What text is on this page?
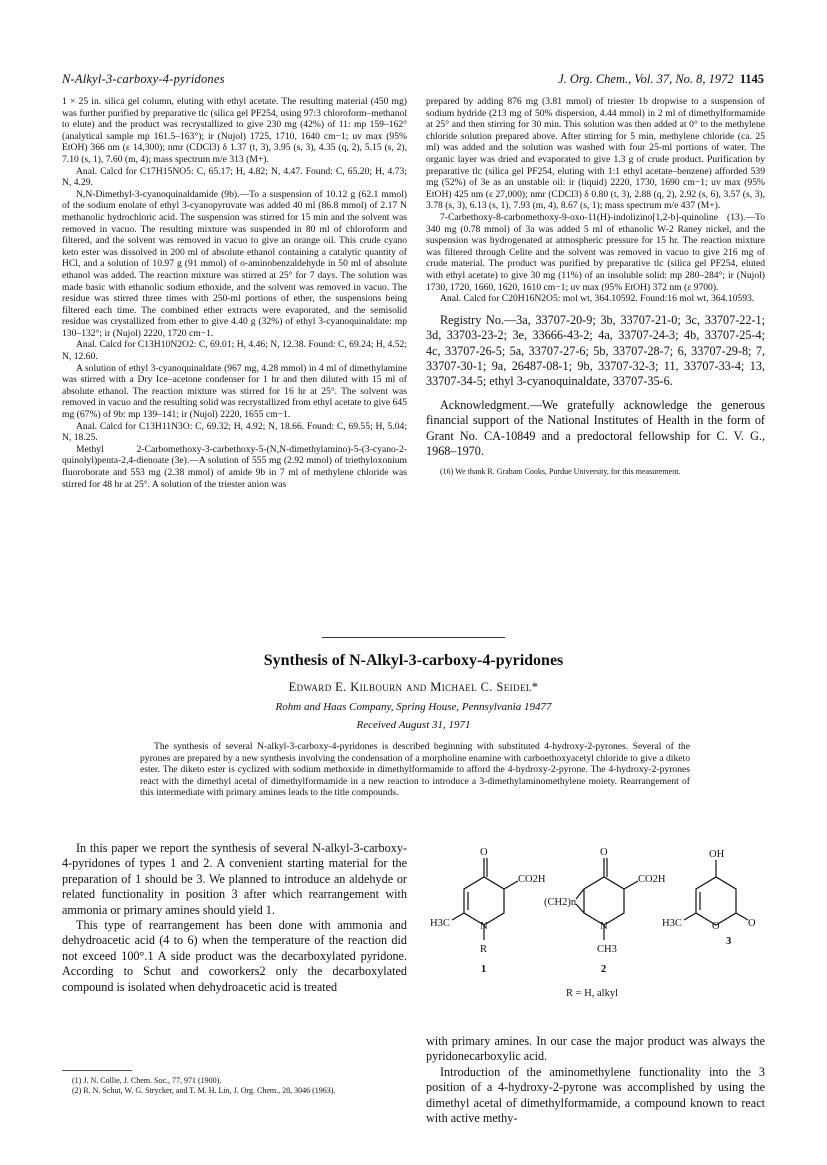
N-Alkyl-3-carboxy-4-pyridones	J. Org. Chem., Vol. 37, No. 8, 1972 1145

1 × 25 in. silica gel column, eluting with ethyl acetate. The resulting material (450 mg) was further purified by preparative tlc (silica gel PF254, using 97:3 chloroform–methanol to elute) and the product was recrystallized to give 230 mg (42%) of 11: mp 159–162° (analytical sample mp 161.5–163°); ir (Nujol) 1725, 1710, 1640 cm−1; uv max (95% EtOH) 366 nm (ε 14,300); nmr (CDCl3) δ 1.37 (t, 3), 3.95 (s, 3), 4.35 (q, 2), 5.15 (s, 2), 7.10 (s, 1), 7.60 (m, 4); mass spectrum m/e 313 (M+).

Anal. Calcd for C17H15NO5: C, 65.17; H, 4.82; N, 4.47. Found: C, 65.20; H, 4.73; N, 4.29.

N,N-Dimethyl-3-cyanoquinaldamide (9b).—To a suspension of 10.12 g (62.1 mmol) of the sodium enolate of ethyl 3-cyanopyruvate was added 40 ml (86.8 mmol) of 2.17 N methanolic hydrochloric acid. The suspension was stirred for 15 min and the solvent was removed in vacuo. The resulting mixture was suspended in 80 ml of chloroform and filtered, and the solvent was removed in vacuo to give an orange oil. This crude cyano keto ester was dissolved in 200 ml of absolute ethanol containing a catalytic quantity of HCl, and a solution of 10.97 g (91 mmol) of o-aminobenzaldehyde in 50 ml of absolute ethanol was added. The reaction mixture was stirred at 25° for 7 days. The solution was made basic with ethanolic sodium ethoxide, and the solvent was removed in vacuo. The residue was stirred three times with 250-ml portions of ether, the suspensions being filtered each time. The combined ether extracts were evaporated, and the semisolid residue was crystallized from ether to give 4.40 g (32%) of ethyl 3-cyanoquinaldate: mp 130–132°; ir (Nujol) 2220, 1720 cm−1.

Anal. Calcd for C13H10N2O2: C, 69.01; H, 4.46; N, 12.38. Found: C, 69.24; H, 4.52; N, 12.60.

A solution of ethyl 3-cyanoquinaldate (967 mg, 4.28 mmol) in 4 ml of dimethylamine was stirred with a Dry Ice–acetone condenser for 1 hr and then diluted with 15 ml of absolute ethanol. The reaction mixture was stirred for 16 hr at 25°. The solvent was removed in vacuo and the resulting solid was recrystallized from ethyl acetate to give 645 mg (67%) of 9b: mp 139–141; ir (Nujol) 2220, 1655 cm−1.

Anal. Calcd for C13H11N3O: C, 69.32; H, 4.92; N, 18.66. Found: C, 69.55; H, 5.04; N, 18.25.

Methyl 2-Carbomethoxy-3-carbethoxy-5-(N,N-dimethylamino)-5-(3-cyano-2-quinolyl)penta-2,4-dienoate (3e).—A solution of 555 mg (2.92 mmol) of triethyloxonium fluoroborate and 553 mg (2.38 mmol) of amide 9b in 7 ml of methylene chloride was stirred for 48 hr at 25°. A solution of the triester anion was

prepared by adding 876 mg (3.81 mmol) of triester 1b dropwise to a suspension of sodium hydride (213 mg of 50% dispersion, 4.44 mmol) in 2 ml of dimethylformamide at 25° and then stirring for 30 min. This solution was then added at 0° to the methylene chloride solution prepared above. After stirring for 5 min, methylene chloride (ca. 25 ml) was added and the solution was washed with four 25-ml portions of water. The organic layer was dried and evaporated to give 1.3 g of crude product. Purification by preparative tlc (silica gel PF254, eluting with 1:1 ethyl acetate–benzene) afforded 539 mg (52%) of 3e as an unstable oil: ir (liquid) 2220, 1730, 1690 cm−1; uv max (95% EtOH) 425 nm (ε 27,000); nmr (CDCl3) δ 0.80 (t, 3), 2.88 (q, 2), 2.92 (s, 6), 3.57 (s, 3), 3.78 (s, 3), 6.13 (s, 1), 7.93 (m, 4), 8.67 (s, 1); mass spectrum m/e 437 (M+).

7-Carbethoxy-8-carbomethoxy-9-oxo-11(H)-indolizino[1,2-b]-quinoline (13).—To 340 mg (0.78 mmol) of 3a was added 5 ml of ethanolic W-2 Raney nickel, and the suspension was hydrogenated at atmospheric pressure for 15 hr. The reaction mixture was filtered through Celite and the solvent was removed in vacuo to give 216 mg of crude material. The product was purified by preparative tlc (silica gel PF254, eluted with ethyl acetate) to give 30 mg (11%) of an insoluble solid: mp 280–284°; ir (Nujol) 1730, 1720, 1660, 1620, 1610 cm−1; uv max (95% EtOH) 372 nm (ε 9700).

Anal. Calcd for C20H16N2O5: mol wt, 364.10592. Found:16 mol wt, 364.10593.

Registry No.—3a, 33707-20-9; 3b, 33707-21-0; 3c, 33707-22-1; 3d, 33703-23-2; 3e, 33666-43-2; 4a, 33707-24-3; 4b, 33707-25-4; 4c, 33707-26-5; 5a, 33707-27-6; 5b, 33707-28-7; 6, 33707-29-8; 7, 33707-30-1; 9a, 26487-08-1; 9b, 33707-32-3; 11, 33707-33-4; 13, 33707-34-5; ethyl 3-cyanoquinaldate, 33707-35-6.

Acknowledgment.—We gratefully acknowledge the generous financial support of the National Institutes of Health in the form of Grant No. CA-10849 and a predoctoral fellowship for C. V. G., 1968–1970.

(16) We thank R. Graham Cooks, Purdue University, for this measurement.

Synthesis of N-Alkyl-3-carboxy-4-pyridones
Edward E. Kilbourn and Michael C. Seidel*
Rohm and Haas Company, Spring House, Pennsylvania 19477
Received August 31, 1971
The synthesis of several N-alkyl-3-carboxy-4-pyridones is described beginning with substituted 4-hydroxy-2-pyrones. Several of the pyrones are prepared by a new synthesis involving the condensation of a morpholine enamine with carboethoxyacetyl chloride to give a diketo ester. The diketo ester is cyclized with sodium methoxide in dimethylformamide to afford the 4-hydroxy-2-pyrone. The 4-hydroxy-2-pyrones react with the dimethyl acetal of dimethylformamide in a new reaction to introduce a 3-dimethylaminomethylene moiety. Rearrangement of this intermediate with primary amines leads to the title compounds.

In this paper we report the synthesis of several N-alkyl-3-carboxy-4-pyridones of types 1 and 2. A convenient starting material for the preparation of 1 should be 3. We planned to introduce an aldehyde or related functionality in position 3 after which rearrangement with ammonia or primary amines should yield 1.

This type of rearrangement has been done with ammonia and dehydroacetic acid (4 to 6) when the temperature of the reaction did not exceed 100°.1 A side product was the decarboxylated pyridone. According to Schut and coworkers2 only the decarboxylated compound is isolated when dehydroacetic acid is treated

(1) J. N. Collie, J. Chem. Soc., 77, 971 (1900).

(2) R. N. Schut, W. G. Strycker, and T. M. H. Lin, J. Org. Chem., 28, 3046 (1963).

O
CO2H
H3C	N
R
1
O
CO2H
(CH2)n
N
CH3
2
OH
H3C	O	O
3
R = H, alkyl

with primary amines. In our case the major product was always the pyridonecarboxylic acid.

Introduction of the aminomethylene functionality into the 3 position of a 4-hydroxy-2-pyrone was accomplished by using the dimethyl acetal of dimethylformamide, a compound known to react with active methy-
